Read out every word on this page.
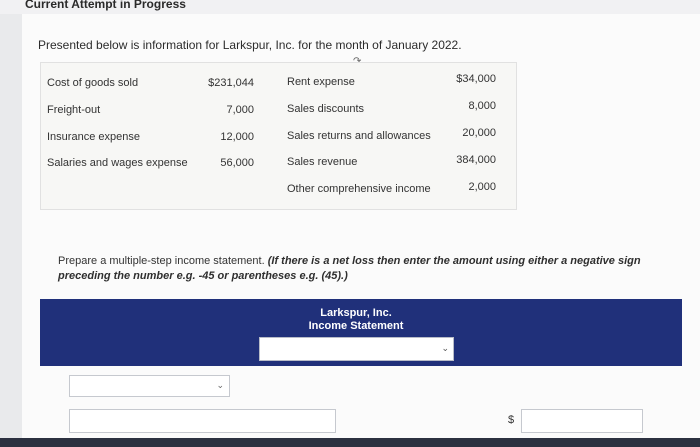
Current Attempt in Progress
Presented below is information for Larkspur, Inc. for the month of January 2022.
Cost of goods sold	$231,044
Freight-out	7,000
Insurance expense	12,000
Salaries and wages expense	56,000
Rent expense	$34,000
Sales discounts	8,000
Sales returns and allowances	20,000
Sales revenue	384,000
Other comprehensive income	2,000
Prepare a multiple-step income statement. (If there is a net loss then enter the amount using either a negative sign preceding the number e.g. -45 or parentheses e.g. (45).)
Larkspur, Inc.
Income Statement
⌄
⌄
$
